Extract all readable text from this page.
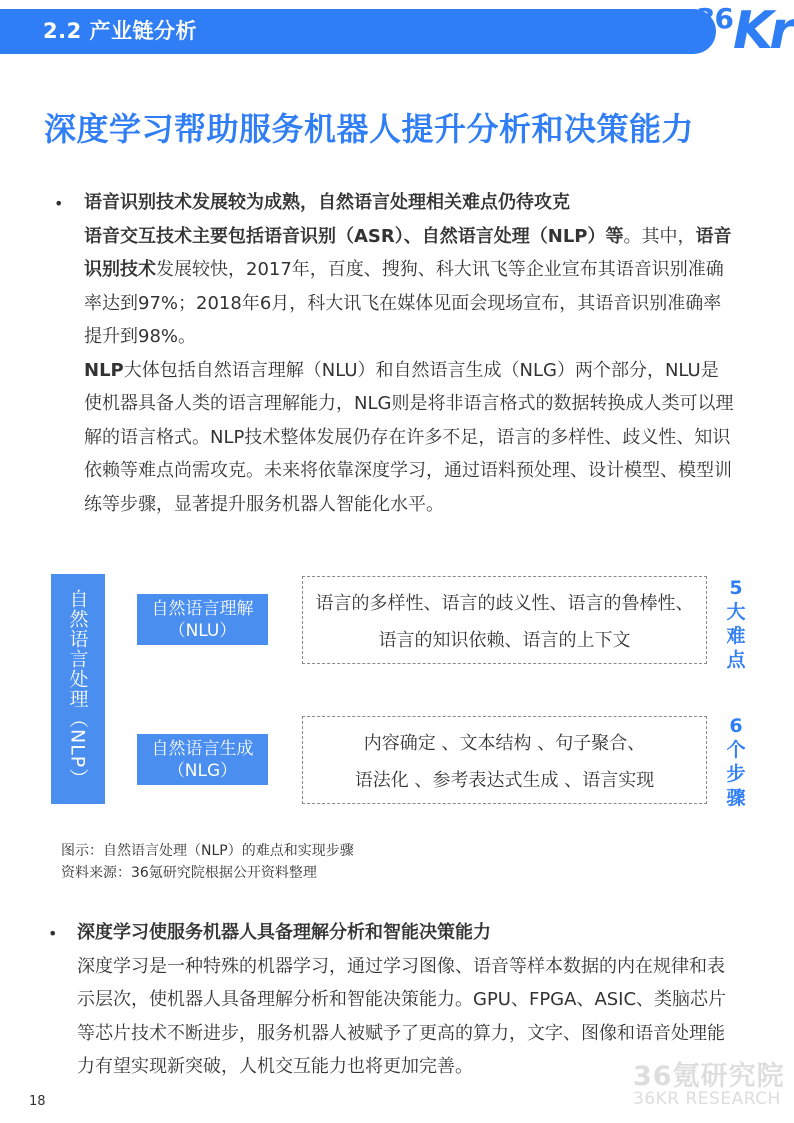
2.2 产业链分析	36 Kr
深度学习帮助服务机器人提升分析和决策能力
• 语音识别技术发展较为成熟，自然语言处理相关难点仍待攻克

语音交互技术主要包括语音识别（ASR）、自然语言处理（NLP）等。其中，语音识别技术发展较快，2017年，百度、搜狗、科大讯飞等企业宣布其语音识别准确率达到97%；2018年6月，科大讯飞在媒体见面会现场宣布，其语音识别准确率提升到98%。

NLP大体包括自然语言理解（NLU）和自然语言生成（NLG）两个部分，NLU是使机器具备人类的语言理解能力，NLG则是将非语言格式的数据转换成人类可以理解的语言格式。NLP技术整体发展仍存在许多不足，语言的多样性、歧义性、知识依赖等难点尚需攻克。未来将依靠深度学习，通过语料预处理、设计模型、模型训练等步骤，显著提升服务机器人智能化水平。

自然语言处理（NLP）	自然语言理解
（NLU）
自然语言生成
（NLG）
语言的多样性、语言的歧义性、语言的鲁棒性、
语言的知识依赖、语言的上下文
内容确定 、文本结构 、句子聚合、
语法化 、参考表达式生成 、语言实现
5
大
难
点
6
个
步
骤
图示：自然语言处理（NLP）的难点和实现步骤
资料来源：36氪研究院根据公开资料整理
• 深度学习使服务机器人具备理解分析和智能决策能力

深度学习是一种特殊的机器学习，通过学习图像、语音等样本数据的内在规律和表示层次，使机器人具备理解分析和智能决策能力。GPU、FPGA、ASIC、类脑芯片等芯片技术不断进步，服务机器人被赋予了更高的算力，文字、图像和语音处理能力有望实现新突破，人机交互能力也将更加完善。	36氪研究院
36KR RESEARCH
18
